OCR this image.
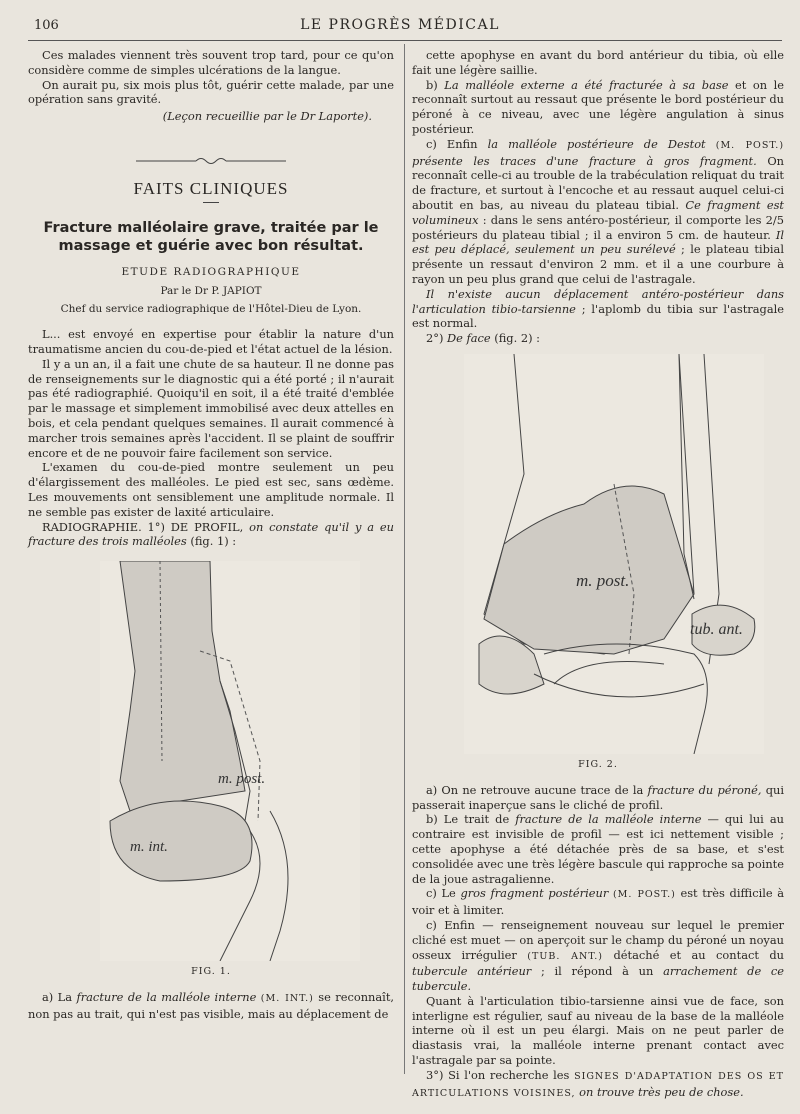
106	LE PROGRÈS MÉDICAL

Ces malades viennent très souvent trop tard, pour ce qu'on considère comme de simples ulcérations de la langue.

On aurait pu, six mois plus tôt, guérir cette malade, par une opération sans gravité.

(Leçon recueillie par le Dr Laporte).

FAITS CLINIQUES
Fracture malléolaire grave, traitée par le massage et guérie avec bon résultat.
ETUDE RADIOGRAPHIQUE
Par le Dr P. JAPIOT
Chef du service radiographique de l'Hôtel-Dieu de Lyon.

L... est envoyé en expertise pour établir la nature d'un traumatisme ancien du cou-de-pied et l'état actuel de la lésion.

Il y a un an, il a fait une chute de sa hauteur. Il ne donne pas de renseignements sur le diagnostic qui a été porté ; il n'aurait pas été radiographié. Quoiqu'il en soit, il a été traité d'emblée par le massage et simplement immobilisé avec deux attelles en bois, et cela pendant quelques semaines. Il aurait commencé à marcher trois semaines après l'accident. Il se plaint de souffrir encore et de ne pouvoir faire facilement son service.

L'examen du cou-de-pied montre seulement un peu d'élargissement des malléoles. Le pied est sec, sans œdème. Les mouvements ont sensiblement une amplitude normale. Il ne semble pas exister de laxité articulaire.

RADIOGRAPHIE. 1°) DE PROFIL, on constate qu'il y a eu fracture des trois malléoles (fig. 1) :

m. post.
m. int.
FIG. 1.

a) La fracture de la malléole interne (M. INT.) se reconnaît, non pas au trait, qui n'est pas visible, mais au déplacement de

cette apophyse en avant du bord antérieur du tibia, où elle fait une légère saillie.

b) La malléole externe a été fracturée à sa base et on le reconnaît surtout au ressaut que présente le bord postérieur du péroné à ce niveau, avec une légère angulation à sinus postérieur.

c) Enfin la malléole postérieure de Destot (M. POST.) présente les traces d'une fracture à gros fragment. On reconnaît celle-ci au trouble de la trabéculation reliquat du trait de fracture, et surtout à l'encoche et au ressaut auquel celui-ci aboutit en bas, au niveau du plateau tibial. Ce fragment est volumineux : dans le sens antéro-postérieur, il comporte les 2/5 postérieurs du plateau tibial ; il a environ 5 cm. de hauteur. Il est peu déplacé, seulement un peu surélevé ; le plateau tibial présente un ressaut d'environ 2 mm. et il a une courbure à rayon un peu plus grand que celui de l'astragale.

Il n'existe aucun déplacement antéro-postérieur dans l'articulation tibio-tarsienne ; l'aplomb du tibia sur l'astragale est normal.

2°) De face (fig. 2) :

m. post.
tub. ant.
FIG. 2.

a) On ne retrouve aucune trace de la fracture du péroné, qui passerait inaperçue sans le cliché de profil.

b) Le trait de fracture de la malléole interne — qui lui au contraire est invisible de profil — est ici nettement visible ; cette apophyse a été détachée près de sa base, et s'est consolidée avec une très légère bascule qui rapproche sa pointe de la joue astragalienne.

c) Le gros fragment postérieur (M. POST.) est très difficile à voir et à limiter.

c) Enfin — renseignement nouveau sur lequel le premier cliché est muet — on aperçoit sur le champ du péroné un noyau osseux irrégulier (TUB. ANT.) détaché et au contact du tubercule antérieur ; il répond à un arrachement de ce tubercule.

Quant à l'articulation tibio-tarsienne ainsi vue de face, son interligne est régulier, sauf au niveau de la base de la malléole interne où il est un peu élargi. Mais on ne peut parler de diastasis vrai, la malléole interne prenant contact avec l'astragale par sa pointe.

3°) Si l'on recherche les SIGNES D'ADAPTATION DES OS ET ARTICULATIONS VOISINES, on trouve très peu de chose.
